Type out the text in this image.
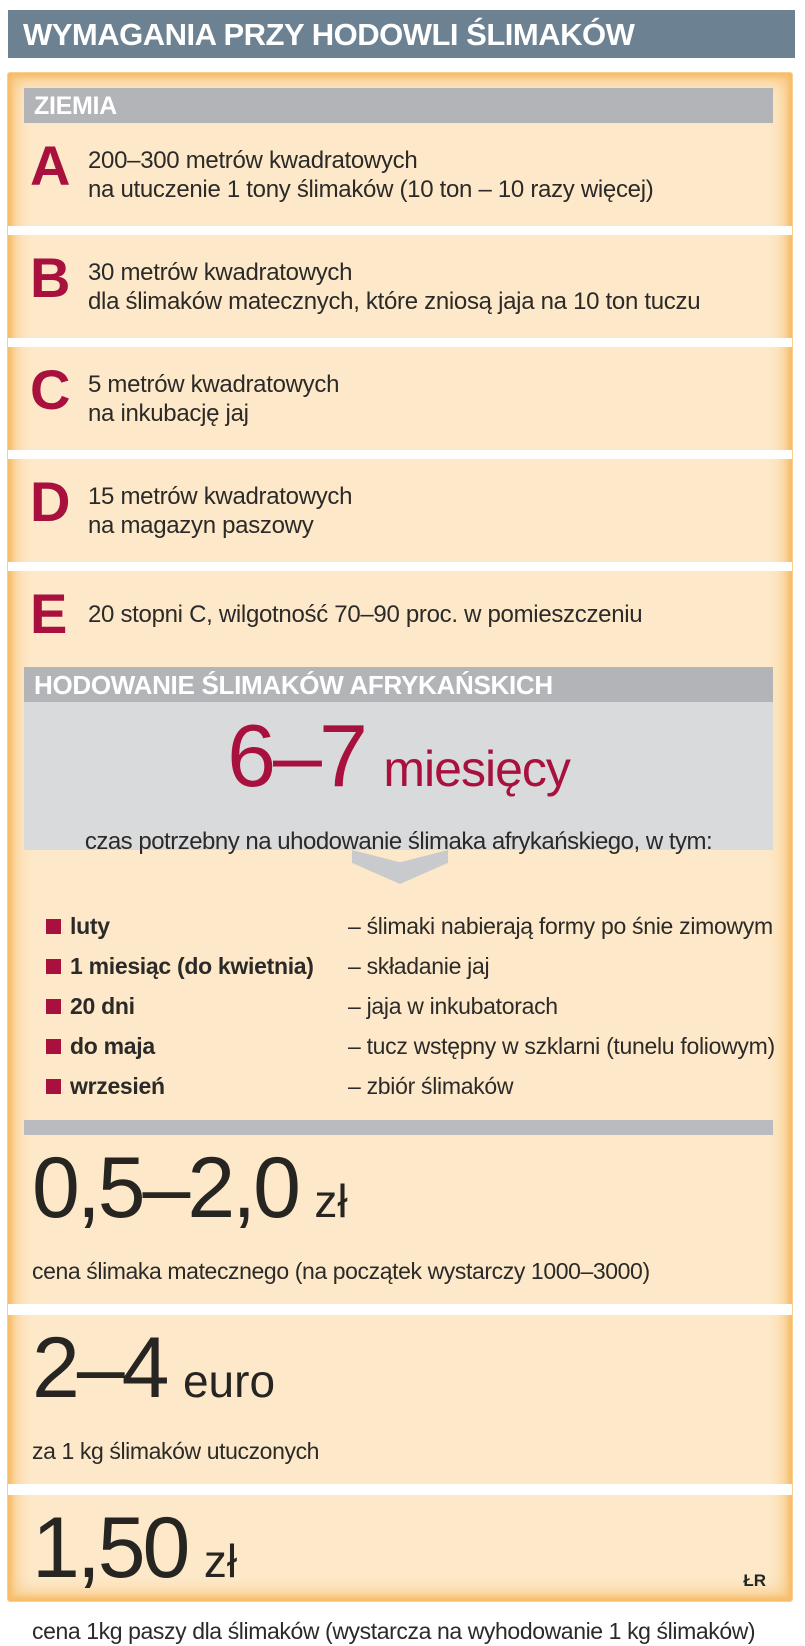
WYMAGANIA PRZY HODOWLI ŚLIMAKÓW
ZIEMIA
A 200–300 metrów kwadratowych
na utuczenie 1 tony ślimaków (10 ton – 10 razy więcej)
B 30 metrów kwadratowych
dla ślimaków matecznych, które zniosą jaja na 10 ton tuczu
C 5 metrów kwadratowych
na inkubację jaj
D 15 metrów kwadratowych
na magazyn paszowy
E 20 stopni C, wilgotność 70–90 proc. w pomieszczeniu
HODOWANIE ŚLIMAKÓW AFRYKAŃSKICH
6–7 miesięcy
czas potrzebny na uhodowanie ślimaka afrykańskiego, w tym:
luty	– ślimaki nabierają formy po śnie zimowym
1 miesiąc (do kwietnia)	– składanie jaj
20 dni	– jaja w inkubatorach
do maja	– tucz wstępny w szklarni (tunelu foliowym)
wrzesień	– zbiór ślimaków
0,5–2,0 zł
cena ślimaka matecznego (na początek wystarczy 1000–3000)
2–4 euro
za 1 kg ślimaków utuczonych
1,50 zł
cena 1kg paszy dla ślimaków (wystarcza na wyhodowanie 1 kg ślimaków)
ŁR
